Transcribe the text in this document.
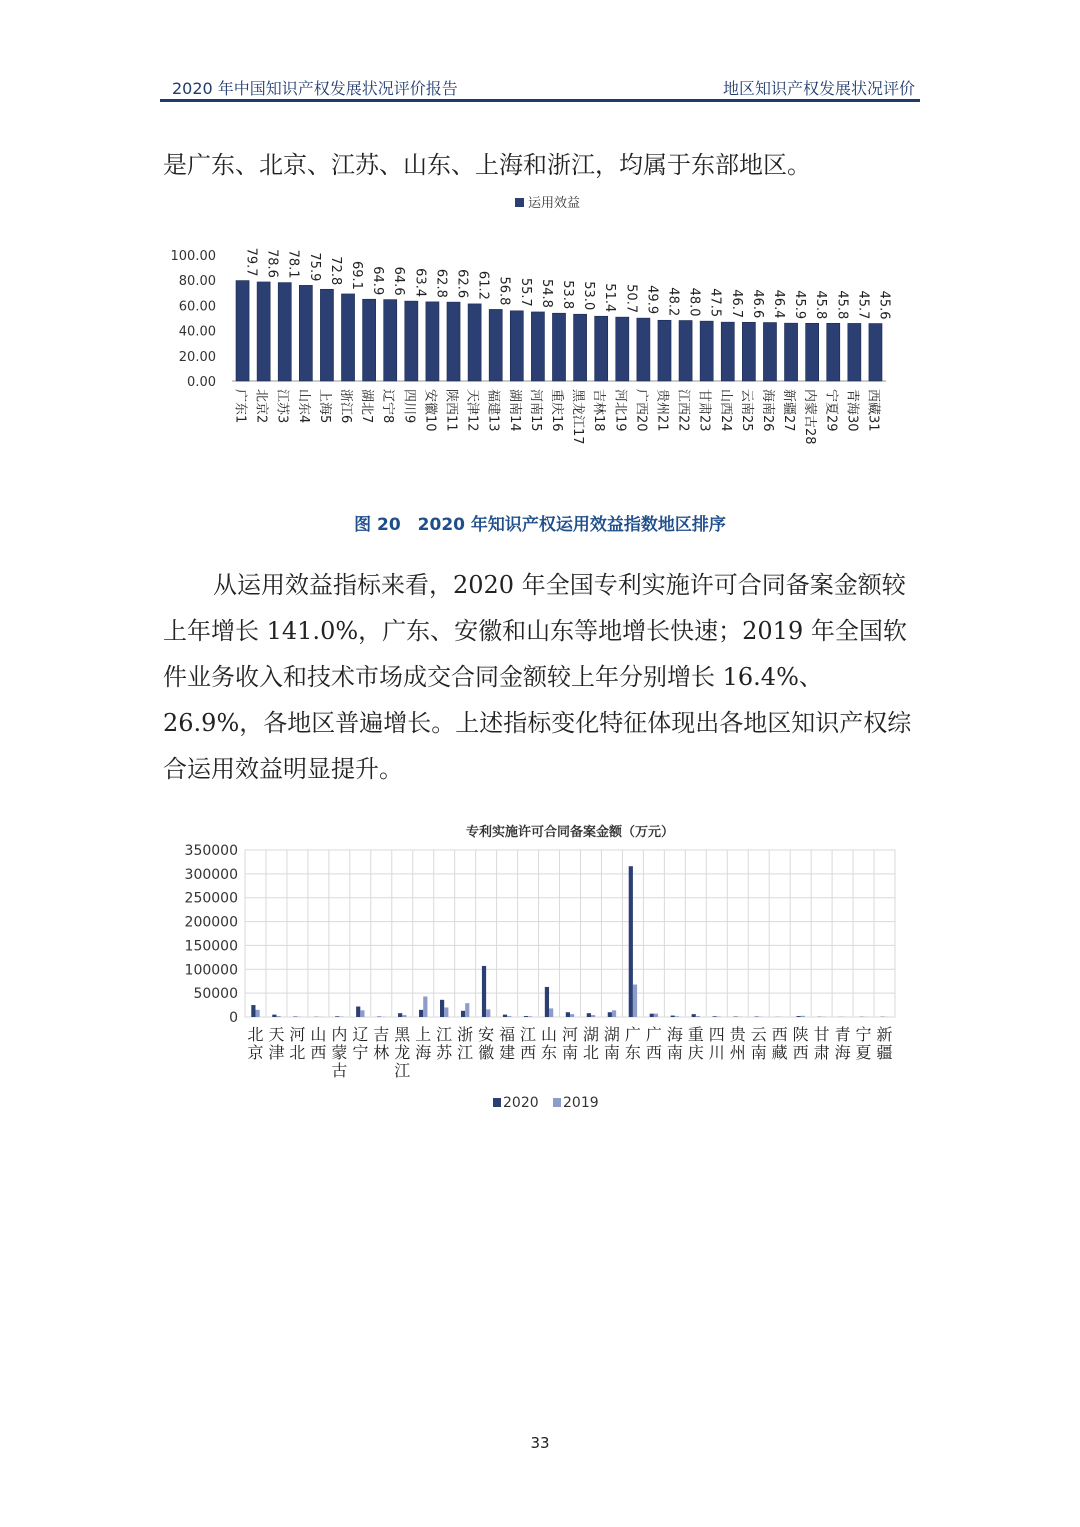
2020 年中国知识产权发展状况评价报告	地区知识产权发展状况评价
是广东、北京、江苏、山东、上海和浙江，均属于东部地区。
运用效益
0.00
20.00
40.00
60.00
80.00
100.00 79.7
广东1
78.6
北京2
78.1
江苏3
75.9
山东4
72.8
上海5
69.1
浙江6
64.9
湖北7
64.6
辽宁8
63.4
四川9
62.8
安徽10
62.6
陕西11
61.2
天津12
56.8
福建13
55.7
湖南14
54.8
河南15
53.8
重庆16
53.0
黑龙江17
51.4
吉林18
50.7
河北19
49.9
广西20
48.2
贵州21
48.0
江西22
47.5
甘肃23
46.7
山西24
46.6
云南25
46.4
海南26
45.9
新疆27
45.8
内蒙古28
45.8
宁夏29
45.7
青海30
45.6
西藏31
图 20　2020 年知识产权运用效益指数地区排序
从运用效益指标来看，2020 年全国专利实施许可合同备案金额较上年增长 141.0%，广东、安徽和山东等地增长快速；2019 年全国软件业务收入和技术市场成交合同金额较上年分别增长 16.4%、26.9%，各地区普遍增长。上述指标变化特征体现出各地区知识产权综合运用效益明显提升。
专利实施许可合同备案金额（万元）
0
50000
100000
150000
200000
250000
300000
350000
北
京
天
津
河
北
山
西
内
蒙
古
辽
宁
吉
林
黑
龙
江
上
海
江
苏
浙
江
安
徽
福
建
江
西
山
东
河
南
湖
北
湖
南
广
东
广
西
海
南
重
庆
四
川
贵
州
云
南
西
藏
陕
西
甘
肃
青
海
宁
夏
新
疆
2020 2019
33
